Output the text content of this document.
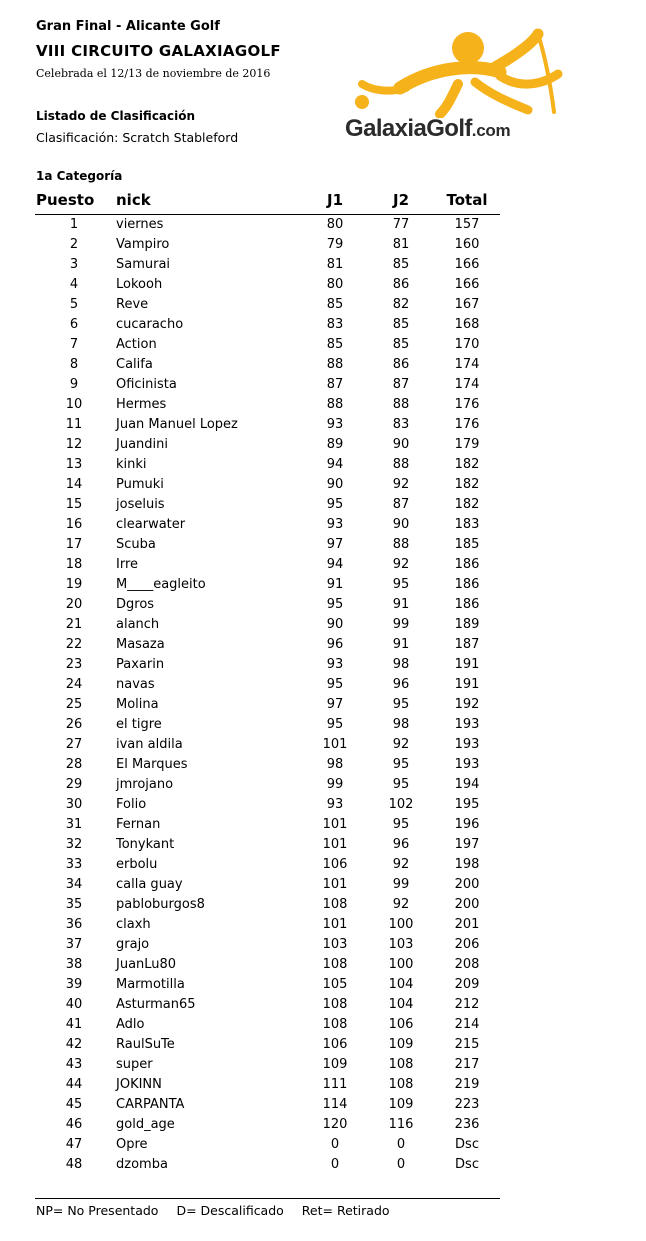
Gran Final - Alicante Golf
VIII CIRCUITO GALAXIAGOLF
Celebrada el 12/13 de noviembre de 2016
Listado de Clasificación
Clasificación: Scratch Stableford
1a Categoría
GalaxiaGolf.com
Puesto nick	J1	J2	Total
1	viernes	80	77	157
2	Vampiro	79	81	160
3	Samurai	81	85	166
4	Lokooh	80	86	166
5	Reve	85	82	167
6	cucaracho	83	85	168
7	Action	85	85	170
8	Califa	88	86	174
9	Oficinista	87	87	174
10	Hermes	88	88	176
11	Juan Manuel Lopez	93	83	176
12	Juandini	89	90	179
13	kinki	94	88	182
14	Pumuki	90	92	182
15	joseluis	95	87	182
16	clearwater	93	90	183
17	Scuba	97	88	185
18	Irre	94	92	186
19	M____eagleito	91	95	186
20	Dgros	95	91	186
21	alanch	90	99	189
22	Masaza	96	91	187
23	Paxarin	93	98	191
24	navas	95	96	191
25	Molina	97	95	192
26	el tigre	95	98	193
27	ivan aldila	101	92	193
28	El Marques	98	95	193
29	jmrojano	99	95	194
30	Folio	93	102	195
31	Fernan	101	95	196
32	Tonykant	101	96	197
33	erbolu	106	92	198
34	calla guay	101	99	200
35	pabloburgos8	108	92	200
36	claxh	101	100	201
37	grajo	103	103	206
38	JuanLu80	108	100	208
39	Marmotilla	105	104	209
40	Asturman65	108	104	212
41	Adlo	108	106	214
42	RaulSuTe	106	109	215
43	super	109	108	217
44	JOKINN	111	108	219
45	CARPANTA	114	109	223
46	gold_age	120	116	236
47	Opre	0	0	Dsc
48	dzomba	0	0	Dsc
NP= No Presentado D= Descalificado Ret= Retirado
